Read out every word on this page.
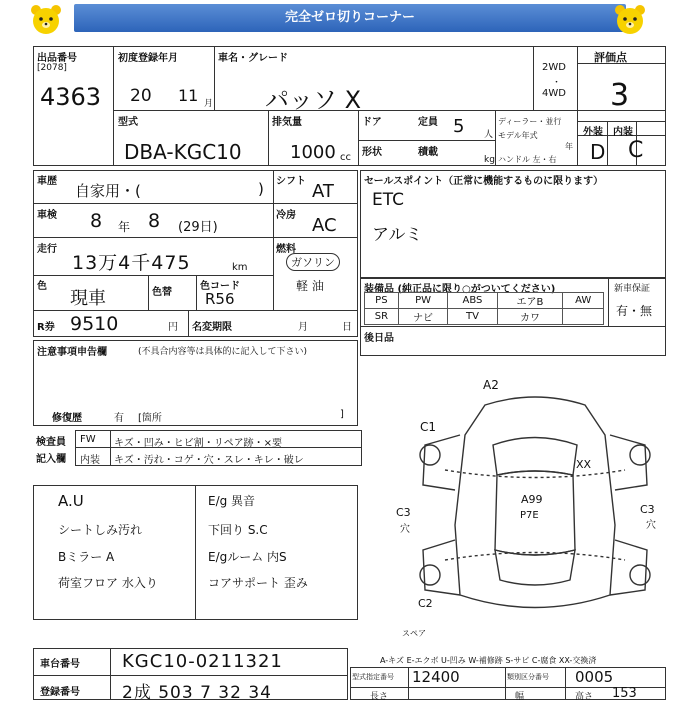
完全ゼロ切りコーナー
出品番号
[2078]
4363
初度登録年月
20 11 月
車名・グレード
パッソ X
2WD
・
4WD
評価点
3
型式
DBA-KGC10
排気量
1000 cc
ドア	定員 5 人
形状	積載
kg
ディーラー・並行
モデル年式
年
ハンドル 左・右
外装 内装
D C
車歴
自家用・(	) シフト AT
車検 8 年 8 (29日)
冷房 AC
走行
13万4千475	km
燃料
ガソリン
軽 油
色
現車	色替
色コード
R56
R券 9510	円 名変期限	月	日
セールスポイント（正常に機能するものに限ります）
ETC
アルミ
装備品 (純正品に限り○がついてください)
PS	PW	ABS	エアB	AW
SR	ナビ	TV	カワ	
新車保証
有・無
後日品
注意事項申告欄	(不具合内容等は具体的に記入して下さい)
修復歴	有 [箇所	]
検査員
記入欄
FW キズ・凹み・ヒビ割・リペア跡・×要
内装 キズ・汚れ・コゲ・穴・スレ・キレ・破レ
A.U
シートしみ汚れ
Bミラー A
荷室フロア 水入り
E/g 異音
下回り S.C
E/gルーム 内S
コアサポート 歪み
A2
C1
XX
A99
P7E
C3
穴
C3
穴
C2
スペア
A-キズ E-エクボ U-凹み W-補修跡 S-サビ C-腐食 XX-交換済
車台番号 KGC10-0211321
登録番号 2成 503 7 32 34
型式指定番号 12400	類別区分番号 0005
長さ	幅	高さ 153
